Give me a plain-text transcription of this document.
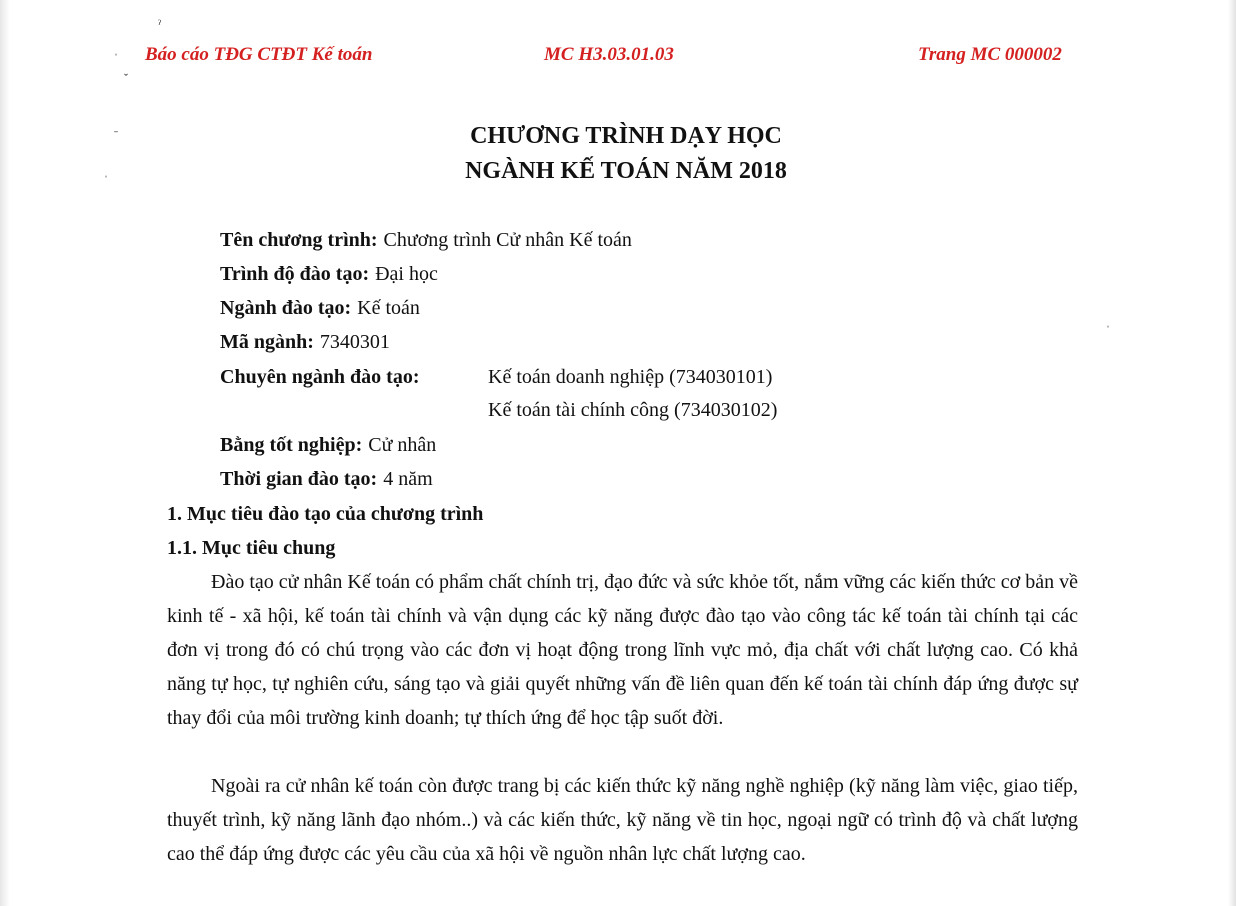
ˀ
ˈ
ˇ
˗
ˈ
ˈ
Báo cáo TĐG CTĐT Kế toán	MC H3.03.01.03	Trang MC 000002
CHƯƠNG TRÌNH DẠY HỌC
NGÀNH KẾ TOÁN NĂM 2018
Tên chương trình: Chương trình Cử nhân Kế toán
Trình độ đào tạo: Đại học
Ngành đào tạo: Kế toán
Mã ngành: 7340301
Chuyên ngành đào tạo:	Kế toán doanh nghiệp (734030101)
Kế toán tài chính công (734030102)
Bằng tốt nghiệp: Cử nhân
Thời gian đào tạo: 4 năm
1. Mục tiêu đào tạo của chương trình
1.1. Mục tiêu chung
Đào tạo cử nhân Kế toán có phẩm chất chính trị, đạo đức và sức khỏe tốt, nắm vững các kiến thức cơ bản về kinh tế - xã hội, kế toán tài chính và vận dụng các kỹ năng được đào tạo vào công tác kế toán tài chính tại các đơn vị trong đó có chú trọng vào các đơn vị hoạt động trong lĩnh vực mỏ, địa chất với chất lượng cao. Có khả năng tự học, tự nghiên cứu, sáng tạo và giải quyết những vấn đề liên quan đến kế toán tài chính đáp ứng được sự thay đổi của môi trường kinh doanh; tự thích ứng để học tập suốt đời.
Ngoài ra cử nhân kế toán còn được trang bị các kiến thức kỹ năng nghề nghiệp (kỹ năng làm việc, giao tiếp, thuyết trình, kỹ năng lãnh đạo nhóm..) và các kiến thức, kỹ năng về tin học, ngoại ngữ có trình độ và chất lượng cao thể đáp ứng được các yêu cầu của xã hội về nguồn nhân lực chất lượng cao.
